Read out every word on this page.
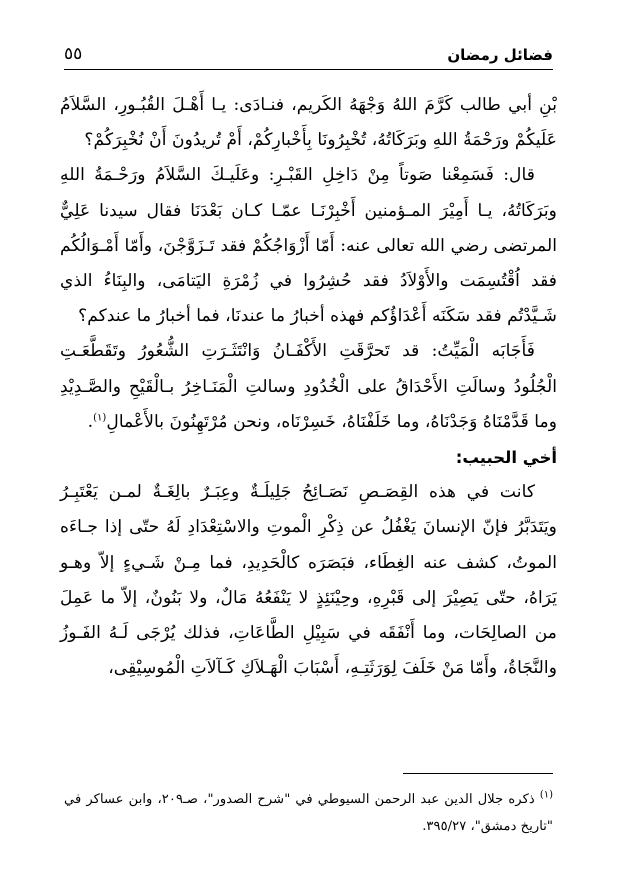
فضائل رمضان
٥٥

بْنِ أبي طالب كَرَّمَ اللهُ وَجْهَهُ الكَريم، فنـادَى: يـا أَهْـلَ القُبُـورِ، السَّلاَمُ عَلَيكُمْ ورَحْمَةُ اللهِ وبَرَكَاتُهُ، تُخْبِرُونَا بِأَخْبارِكُمْ، أَمْ تُريدُونَ أَنْ نُخْبِرَكُمْ؟

قال: فَسَمِعْنا صَوتاً مِنْ دَاخِلِ القَبْـرِ: وعَلَيـكَ السَّلاَمُ ورَحْـمَةُ اللهِ وبَرَكَاتُهُ، يـا أَمِيْرَ المـؤمنين أَخْبِرْنَـا عمّـا كـان بَعْدَنَا فقال سيدنا عَلِيٌّ المرتضى رضي الله تعالى عنه: أَمّا أَزْوَاجُكُمْ فقد تَـزَوَّجْنَ، وأَمّا أَمْـوَالُكُم فقد اُقْتُسِمَت والأَوْلاَدُ فقد حُشِرُوا في زُمْرَةِ اليَتامَى، والبِنَاءُ الذي شَـيَّدْتُم فقد سَكَنَه أَعْدَاؤُكم فهذه أخبارُ ما عندنَا، فما أخبارُ ما عندكم؟

فَأَجَابَه الْمَيِّتُ: قد تَحرَّقَتِ الأَكْفَـانُ وَانْتَثَـرَتِ الشُّعُورُ وتَقَطَّعَـتِ الْجُلُودُ وسالَتِ الأَحْدَاقُ على الْخُدُودِ وسالتِ الْمَنَـاخِرُ بـالْقَيْحِ والصَّـدِيْدِ وما قَدَّمْنَاهُ وَجَدْنَاهُ، وما خَلَفْنَاهُ، خَسِرْنَاه، ونحن مُرْتَهِنُونَ بالأَعْمالِ$^{(١)}$.

أخي الحبيب:

كانت في هذه القِصَـصِ نَصَـائِحُ جَلِيلَـةٌ وعِبَـرٌ بالِغَـةٌ لمـن يَعْتَبِـرُ ويَتَدَبَّرُ فإنّ الإنسانَ يَغْفُلُ عن ذِكْرِ الْموتِ والاسْتِعْدَادِ لَهُ حتّى إذا جـاءَه الموتُ، كشف عنه الغِطَاء، فبَصَرَه كالْحَدِيدِ، فما مِـنْ شَـيءٍ إلاّ وهـو يَرَاهُ، حتّى يَصِيْرَ إلى قَبْرِهِ، وحِيْنَئِذٍ لا يَنْفَعُهُ مَالٌ، ولا بَنُونٌ، إلاّ ما عَمِلَ من الصالِحَات، وما أَنْفَقَه في سَبِيْلِ الطَّاعَاتِ، فذلك يُرْجَى لَـهُ الفَـوزُ والنَّجَاةُ، وأَمّا مَنْ خَلَفَ لِوَرَثَتِـهِ، أَسْبَابَ الْهَـلاَكِ كَـآلاَتِ الْمُوسِيْقِى،

$^{(١)}$ ذكره جلال الدين عبد الرحمن السيوطي في "شرح الصدور"، صـ٢٠٩، وابن عساكر في "تاريخ دمشق"، ٣٩٥/٢٧.
